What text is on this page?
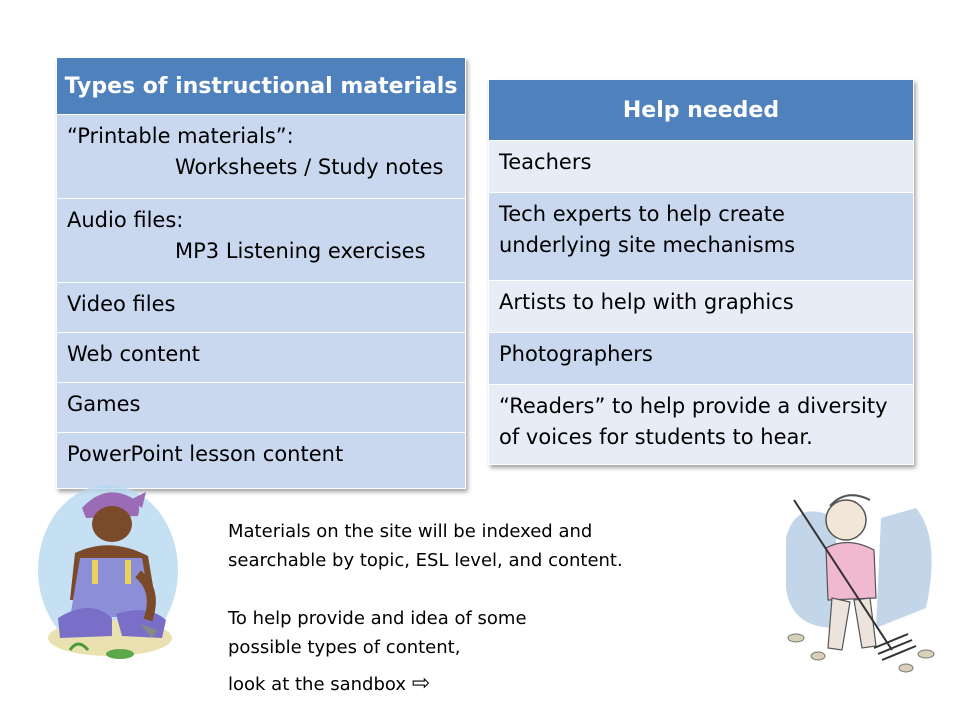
Types of instructional materials

“Printable materials”:
Worksheets / Study notes

Audio files:
MP3 Listening exercises

Video files

Web content

Games

PowerPoint lesson content
Help needed

Teachers

Tech experts to help create
underlying site mechanisms

Artists to help with graphics

Photographers

“Readers” to help provide a diversity
of voices for students to hear.
Materials on the site will be indexed and
searchable by topic, ESL level, and content.
To help provide and idea of some
possible types of content,
look at the sandbox ⇨
